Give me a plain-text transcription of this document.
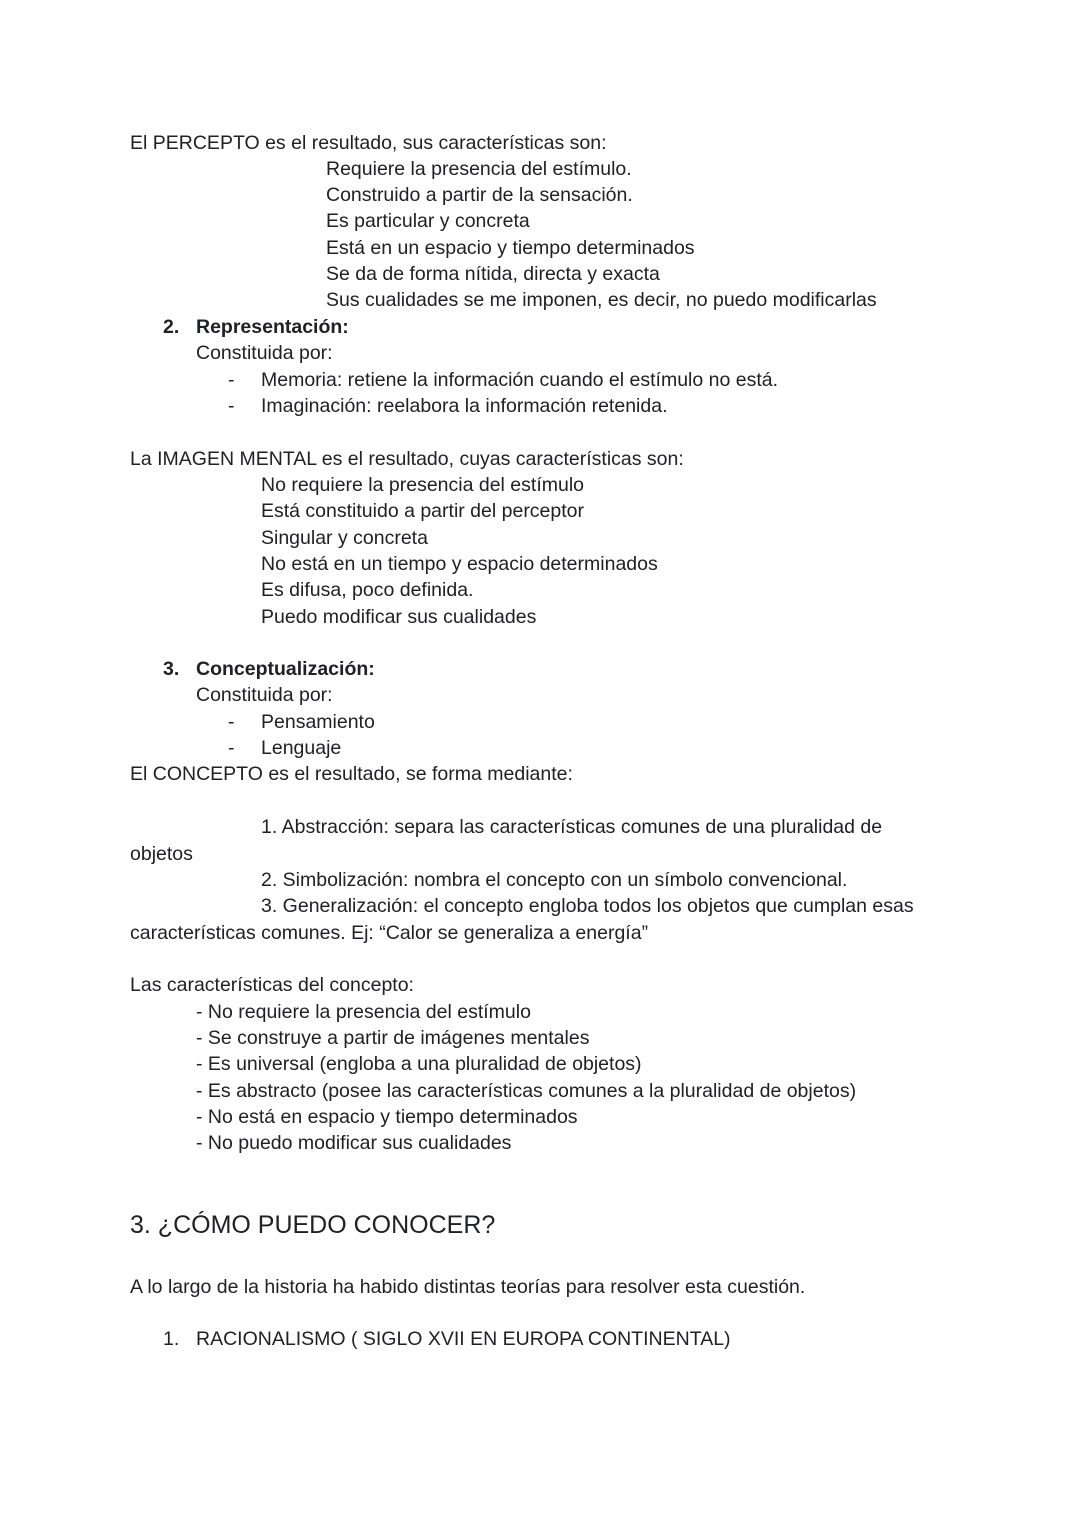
El PERCEPTO es el resultado, sus características son:
Requiere la presencia del estímulo.
Construido a partir de la sensación.
Es particular y concreta
Está en un espacio y tiempo determinados
Se da de forma nítida, directa y exacta
Sus cualidades se me imponen, es decir, no puedo modificarlas
2. Representación:
Constituida por:
- Memoria: retiene la información cuando el estímulo no está.
- Imaginación: reelabora la información retenida.
La IMAGEN MENTAL es el resultado, cuyas características son:
No requiere la presencia del estímulo
Está constituido a partir del perceptor
Singular y concreta
No está en un tiempo y espacio determinados
Es difusa, poco definida.
Puedo modificar sus cualidades
3. Conceptualización:
Constituida por:
- Pensamiento
- Lenguaje
El CONCEPTO es el resultado, se forma mediante:
1. Abstracción: separa las características comunes de una pluralidad de
objetos
2. Simbolización: nombra el concepto con un símbolo convencional.
3. Generalización: el concepto engloba todos los objetos que cumplan esas
características comunes. Ej: “Calor se generaliza a energía”
Las características del concepto:
- No requiere la presencia del estímulo
- Se construye a partir de imágenes mentales
- Es universal (engloba a una pluralidad de objetos)
- Es abstracto (posee las características comunes a la pluralidad de objetos)
- No está en espacio y tiempo determinados
- No puedo modificar sus cualidades
3. ¿CÓMO PUEDO CONOCER?
A lo largo de la historia ha habido distintas teorías para resolver esta cuestión.
1. RACIONALISMO ( SIGLO XVII EN EUROPA CONTINENTAL)
